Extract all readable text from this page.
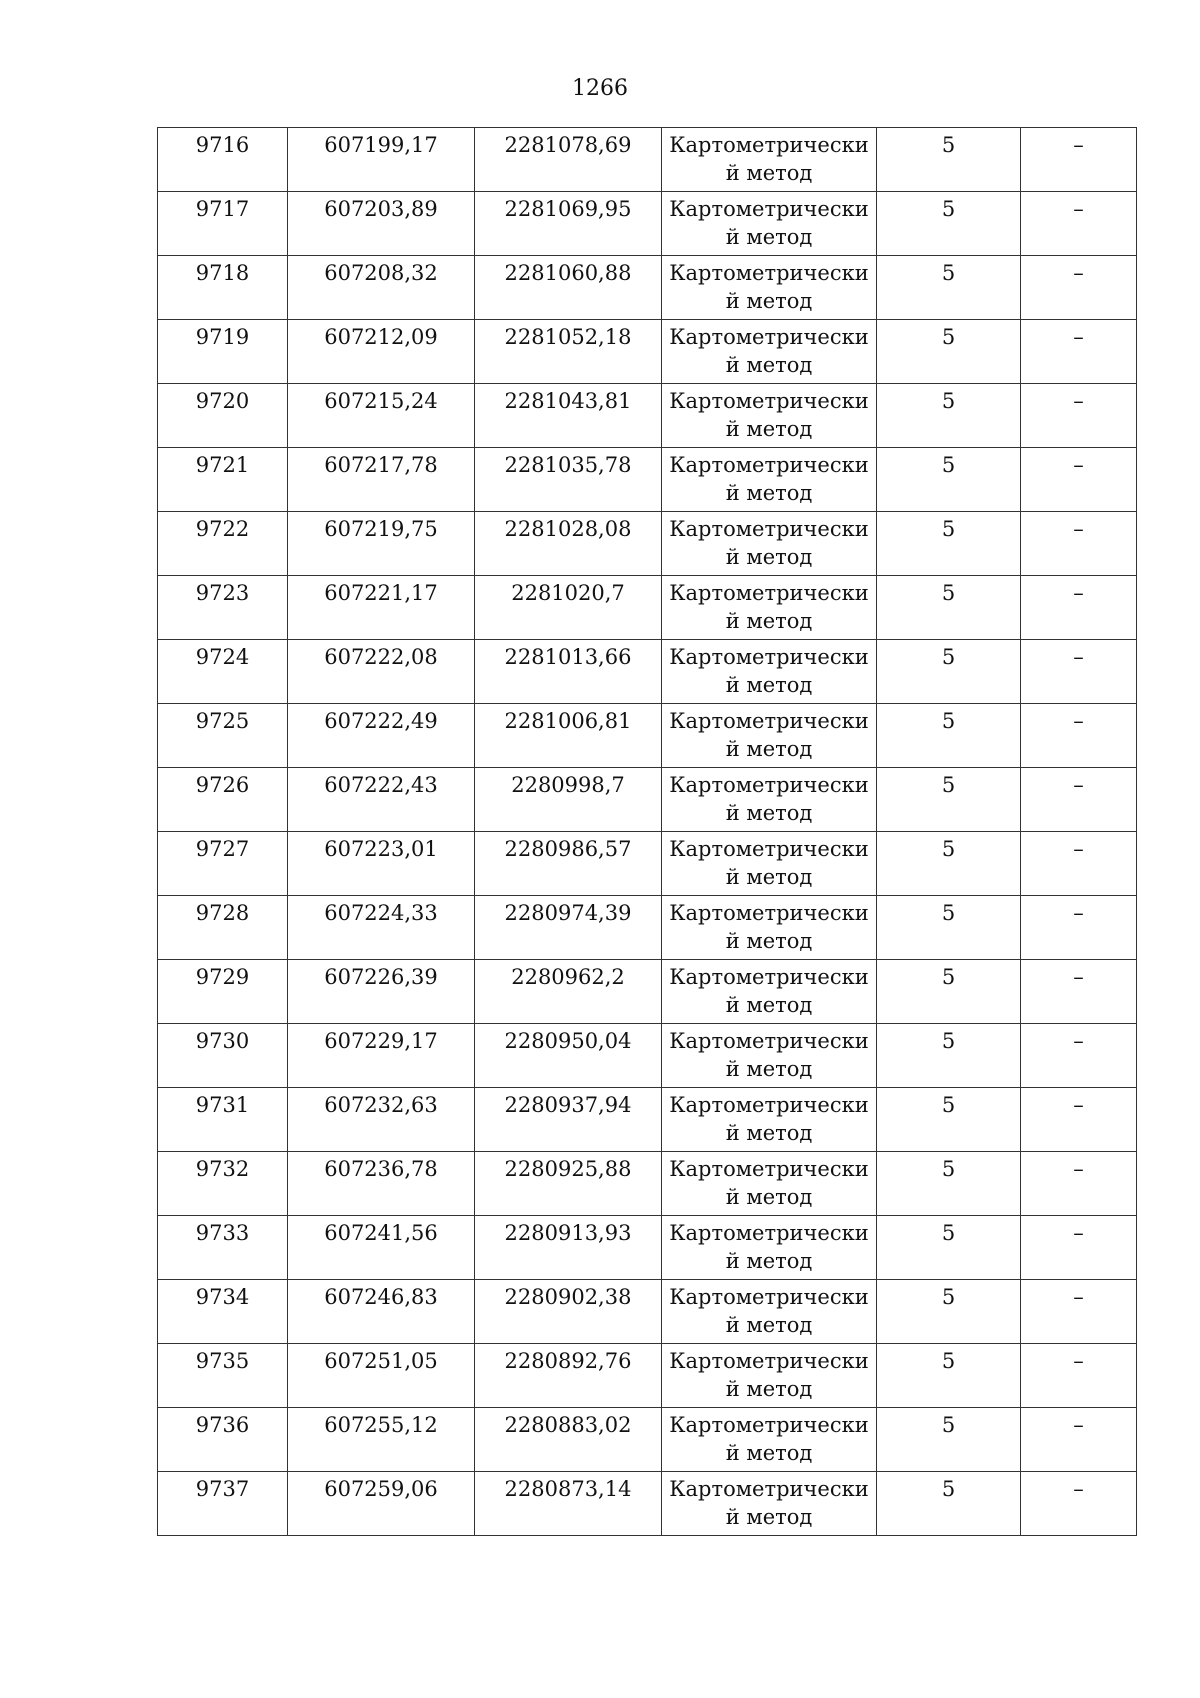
1266
9716	607199,17	2281078,69	Картометрически й метод	5	–

9717	607203,89	2281069,95	Картометрически й метод	5	–

9718	607208,32	2281060,88	Картометрически й метод	5	–

9719	607212,09	2281052,18	Картометрически й метод	5	–

9720	607215,24	2281043,81	Картометрически й метод	5	–

9721	607217,78	2281035,78	Картометрически й метод	5	–

9722	607219,75	2281028,08	Картометрически й метод	5	–

9723	607221,17	2281020,7	Картометрически й метод	5	–

9724	607222,08	2281013,66	Картометрически й метод	5	–

9725	607222,49	2281006,81	Картометрически й метод	5	–

9726	607222,43	2280998,7	Картометрически й метод	5	–

9727	607223,01	2280986,57	Картометрически й метод	5	–

9728	607224,33	2280974,39	Картометрически й метод	5	–

9729	607226,39	2280962,2	Картометрически й метод	5	–

9730	607229,17	2280950,04	Картометрически й метод	5	–

9731	607232,63	2280937,94	Картометрически й метод	5	–

9732	607236,78	2280925,88	Картометрически й метод	5	–

9733	607241,56	2280913,93	Картометрически й метод	5	–

9734	607246,83	2280902,38	Картометрически й метод	5	–

9735	607251,05	2280892,76	Картометрически й метод	5	–

9736	607255,12	2280883,02	Картометрически й метод	5	–

9737	607259,06	2280873,14	Картометрически й метод	5	–
